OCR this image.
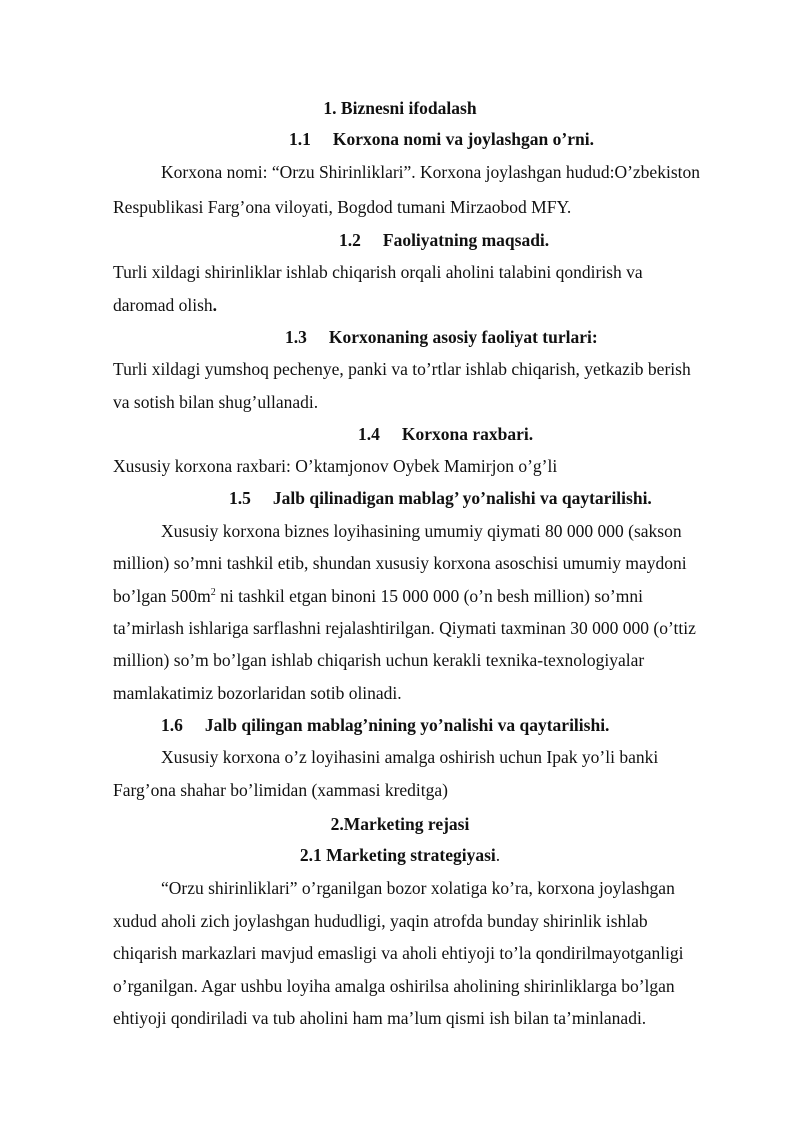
1. Biznesni ifodalash
1.1 Korxona nomi va joylashgan o’rni.
Korxona nomi: “Orzu Shirinliklari”. Korxona joylashgan hudud:O’zbekiston
Respublikasi Farg’ona viloyati, Bogdod tumani Mirzaobod MFY.
1.2 Faoliyatning maqsadi.
Turli xildagi shirinliklar ishlab chiqarish orqali aholini talabini qondirish va
daromad olish.
1.3 Korxonaning asosiy faoliyat turlari:
Turli xildagi yumshoq pechenye, panki va to’rtlar ishlab chiqarish, yetkazib berish
va sotish bilan shug’ullanadi.
1.4 Korxona raxbari.
Xususiy korxona raxbari: O’ktamjonov Oybek Mamirjon o’g’li
1.5 Jalb qilinadigan mablag’ yo’nalishi va qaytarilishi.
Xususiy korxona biznes loyihasining umumiy qiymati 80 000 000 (sakson
million) so’mni tashkil etib, shundan xususiy korxona asoschisi umumiy maydoni
bo’lgan $500m^2$ ni tashkil etgan binoni 15 000 000 (o’n besh million) so’mni
ta’mirlash ishlariga sarflashni rejalashtirilgan. Qiymati taxminan 30 000 000 (o’ttiz
million) so’m bo’lgan ishlab chiqarish uchun kerakli texnika-texnologiyalar
mamlakatimiz bozorlaridan sotib olinadi.
1.6 Jalb qilingan mablag’nining yo’nalishi va qaytarilishi.
Xususiy korxona o’z loyihasini amalga oshirish uchun Ipak yo’li banki
Farg’ona shahar bo’limidan (xammasi kreditga)
2.Marketing rejasi
2.1 Marketing strategiyasi.
“Orzu shirinliklari” o’rganilgan bozor xolatiga ko’ra, korxona joylashgan
xudud aholi zich joylashgan hududligi, yaqin atrofda bunday shirinlik ishlab
chiqarish markazlari mavjud emasligi va aholi ehtiyoji to’la qondirilmayotganligi
o’rganilgan. Agar ushbu loyiha amalga oshirilsa aholining shirinliklarga bo’lgan
ehtiyoji qondiriladi va tub aholini ham ma’lum qismi ish bilan ta’minlanadi.
